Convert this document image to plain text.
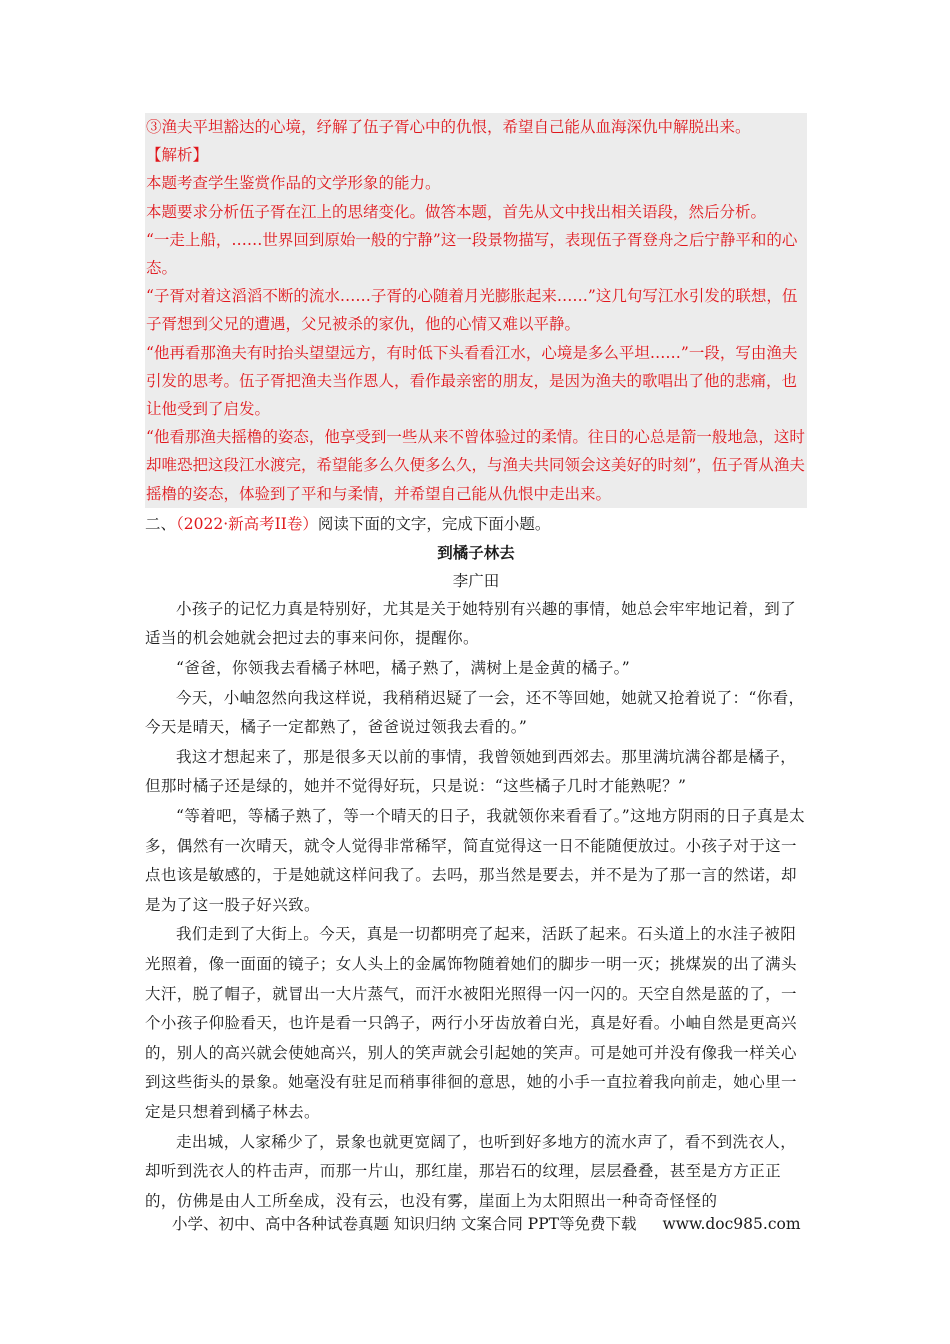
③渔夫平坦豁达的心境，纾解了伍子胥心中的仇恨，希望自己能从血海深仇中解脱出来。

【解析】

本题考查学生鉴赏作品的文学形象的能力。

本题要求分析伍子胥在江上的思绪变化。做答本题，首先从文中找出相关语段，然后分析。

“一走上船，……世界回到原始一般的宁静”这一段景物描写，表现伍子胥登舟之后宁静平和的心态。

“子胥对着这滔滔不断的流水……子胥的心随着月光膨胀起来……”这几句写江水引发的联想，伍子胥想到父兄的遭遇，父兄被杀的家仇，他的心情又难以平静。

“他再看那渔夫有时抬头望望远方，有时低下头看看江水，心境是多么平坦……”一段，写由渔夫引发的思考。伍子胥把渔夫当作恩人，看作最亲密的朋友，是因为渔夫的歌唱出了他的悲痛，也让他受到了启发。

“他看那渔夫摇橹的姿态，他享受到一些从来不曾体验过的柔情。往日的心总是箭一般地急，这时却唯恐把这段江水渡完，希望能多么久便多么久，与渔夫共同领会这美好的时刻”，伍子胥从渔夫摇橹的姿态，体验到了平和与柔情，并希望自己能从仇恨中走出来。

二、（2022·新高考II卷）阅读下面的文字，完成下面小题。
到橘子林去
李广田

小孩子的记忆力真是特别好，尤其是关于她特别有兴趣的事情，她总会牢牢地记着，到了适当的机会她就会把过去的事来问你，提醒你。

“爸爸，你领我去看橘子林吧，橘子熟了，满树上是金黄的橘子。”

今天，小岫忽然向我这样说，我稍稍迟疑了一会，还不等回她，她就又抢着说了：“你看，今天是晴天，橘子一定都熟了，爸爸说过领我去看的。”

我这才想起来了，那是很多天以前的事情，我曾领她到西郊去。那里满坑满谷都是橘子，但那时橘子还是绿的，她并不觉得好玩，只是说：“这些橘子几时才能熟呢？”

“等着吧，等橘子熟了，等一个晴天的日子，我就领你来看看了。”这地方阴雨的日子真是太多，偶然有一次晴天，就令人觉得非常稀罕，简直觉得这一日不能随便放过。小孩子对于这一点也该是敏感的，于是她就这样问我了。去吗，那当然是要去，并不是为了那一言的然诺，却是为了这一股子好兴致。

我们走到了大街上。今天，真是一切都明亮了起来，活跃了起来。石头道上的水洼子被阳光照着，像一面面的镜子；女人头上的金属饰物随着她们的脚步一明一灭；挑煤炭的出了满头大汗，脱了帽子，就冒出一大片蒸气，而汗水被阳光照得一闪一闪的。天空自然是蓝的了，一个小孩子仰脸看天，也许是看一只鸽子，两行小牙齿放着白光，真是好看。小岫自然是更高兴的，别人的高兴就会使她高兴，别人的笑声就会引起她的笑声。可是她可并没有像我一样关心到这些街头的景象。她毫没有驻足而稍事徘徊的意思，她的小手一直拉着我向前走，她心里一定是只想着到橘子林去。

走出城，人家稀少了，景象也就更宽阔了，也听到好多地方的流水声了，看不到洗衣人，却听到洗衣人的杵击声，而那一片山，那红崖，那岩石的纹理，层层叠叠，甚至是方方正正的，仿佛是由人工所垒成，没有云，也没有雾，崖面上为太阳照出一种奇奇怪怪的

小学、初中、高中各种试卷真题 知识归纳 文案合同 PPT等免费下载 www.doc985.com
